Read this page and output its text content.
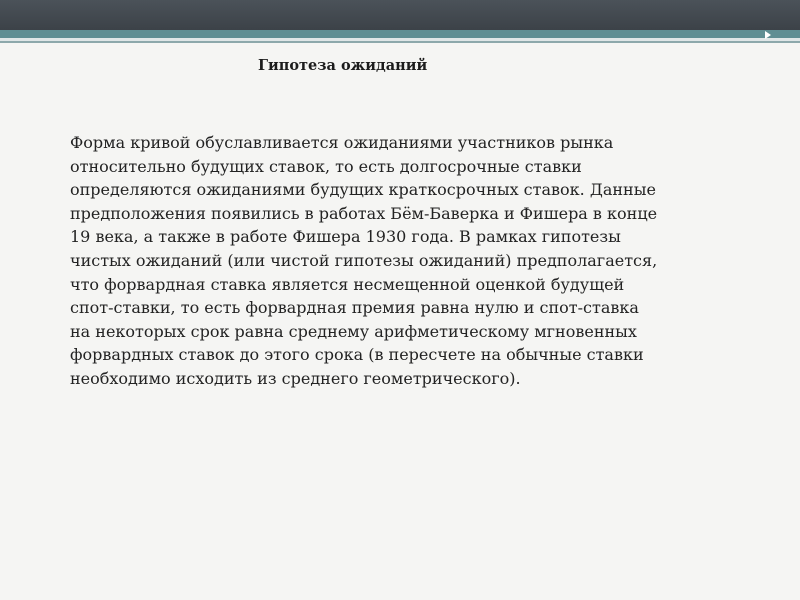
Гипотеза ожиданий
Форма кривой обуславливается ожиданиями участников рынка
относительно будущих ставок, то есть долгосрочные ставки
определяются ожиданиями будущих краткосрочных ставок. Данные
предположения появились в работах Бём-Баверка и Фишера в конце
19 века, а также в работе Фишера 1930 года. В рамках гипотезы
чистых ожиданий (или чистой гипотезы ожиданий) предполагается,
что форвардная ставка является несмещенной оценкой будущей
спот-ставки, то есть форвардная премия равна нулю и спот-ставка
на некоторых срок равна среднему арифметическому мгновенных
форвардных ставок до этого срока (в пересчете на обычные ставки
необходимо исходить из среднего геометрического).
